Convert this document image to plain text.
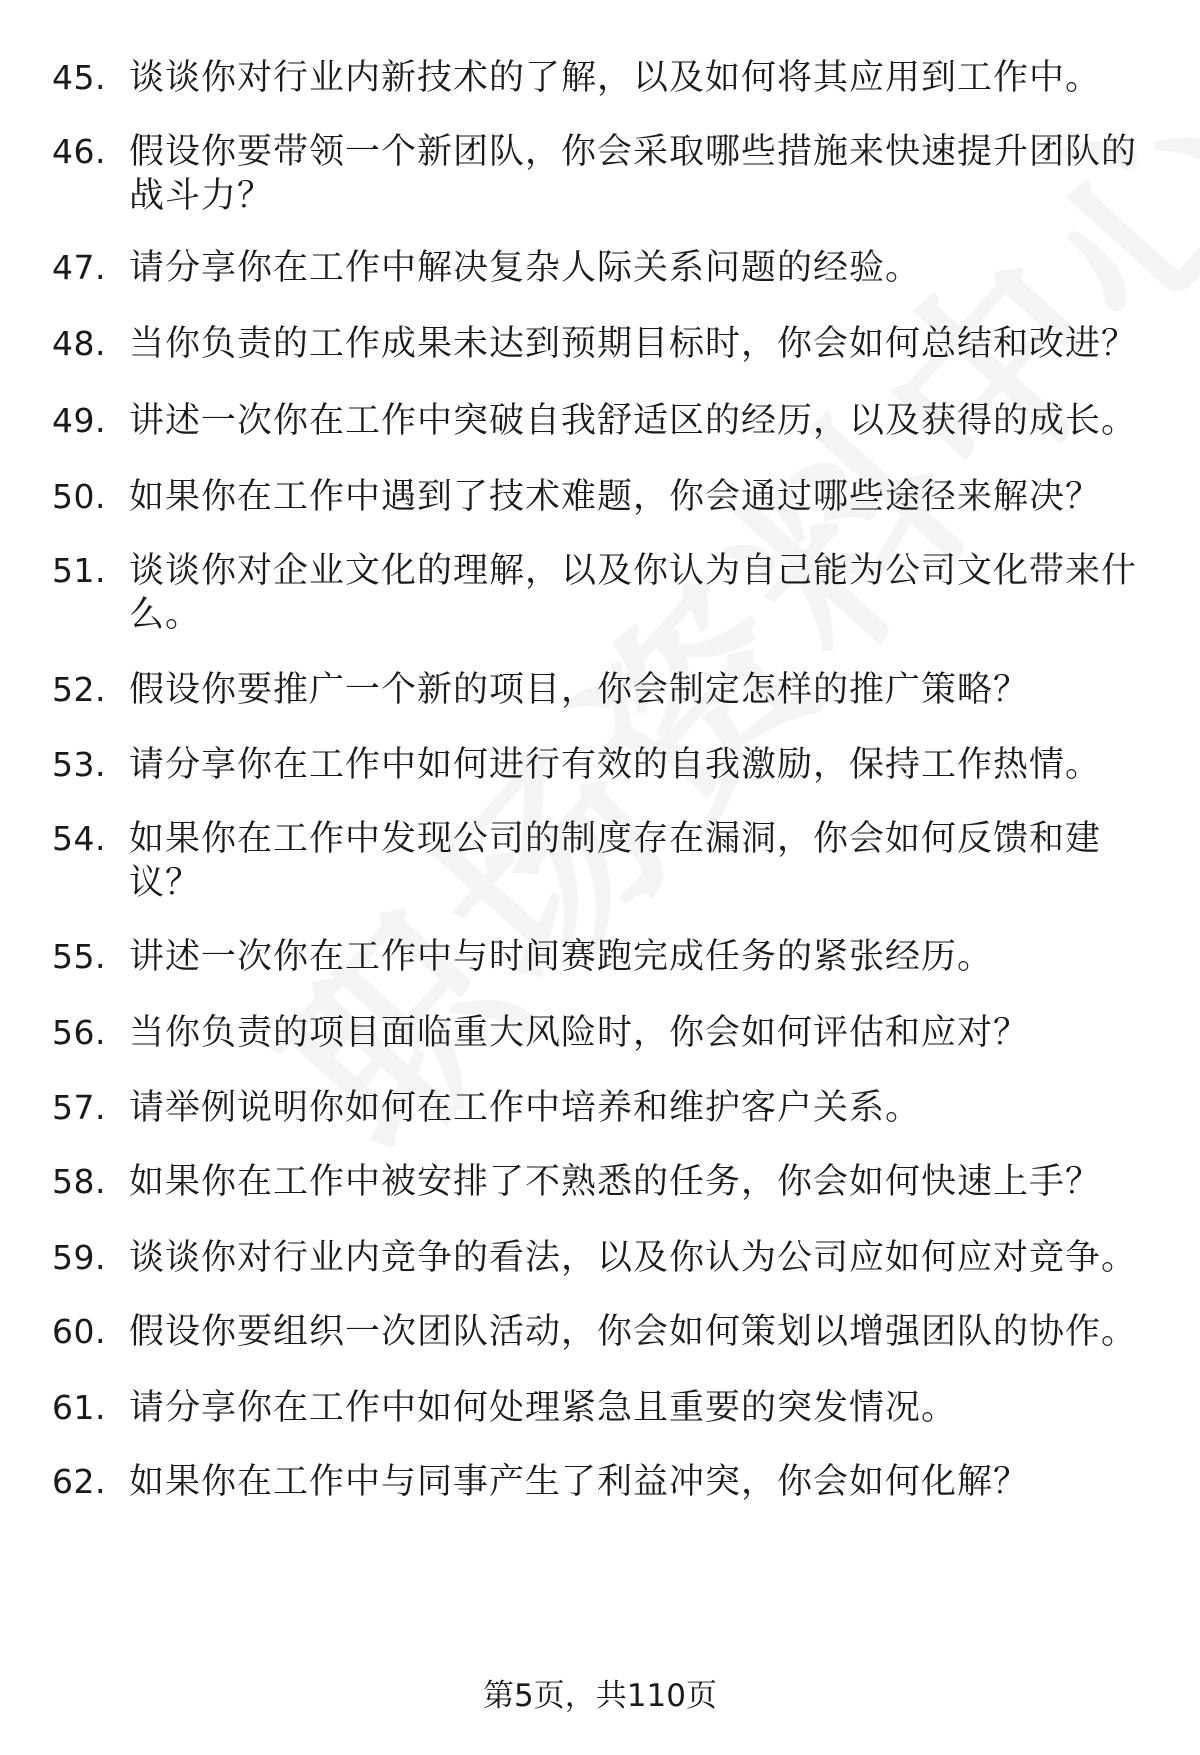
45. 谈谈你对行业内新技术的了解，以及如何将其应用到工作中。
46. 假设你要带领一个新团队，你会采取哪些措施来快速提升团队的战斗力？
47. 请分享你在工作中解决复杂人际关系问题的经验。
48. 当你负责的工作成果未达到预期目标时，你会如何总结和改进？
49. 讲述一次你在工作中突破自我舒适区的经历，以及获得的成长。
50. 如果你在工作中遇到了技术难题，你会通过哪些途径来解决？
51. 谈谈你对企业文化的理解，以及你认为自己能为公司文化带来什么。
52. 假设你要推广一个新的项目，你会制定怎样的推广策略？
53. 请分享你在工作中如何进行有效的自我激励，保持工作热情。
54. 如果你在工作中发现公司的制度存在漏洞，你会如何反馈和建议？
55. 讲述一次你在工作中与时间赛跑完成任务的紧张经历。
56. 当你负责的项目面临重大风险时，你会如何评估和应对？
57. 请举例说明你如何在工作中培养和维护客户关系。
58. 如果你在工作中被安排了不熟悉的任务，你会如何快速上手？
59. 谈谈你对行业内竞争的看法，以及你认为公司应如何应对竞争。
60. 假设你要组织一次团队活动，你会如何策划以增强团队的协作。
61. 请分享你在工作中如何处理紧急且重要的突发情况。
62. 如果你在工作中与同事产生了利益冲突，你会如何化解？
第5页，共110页
